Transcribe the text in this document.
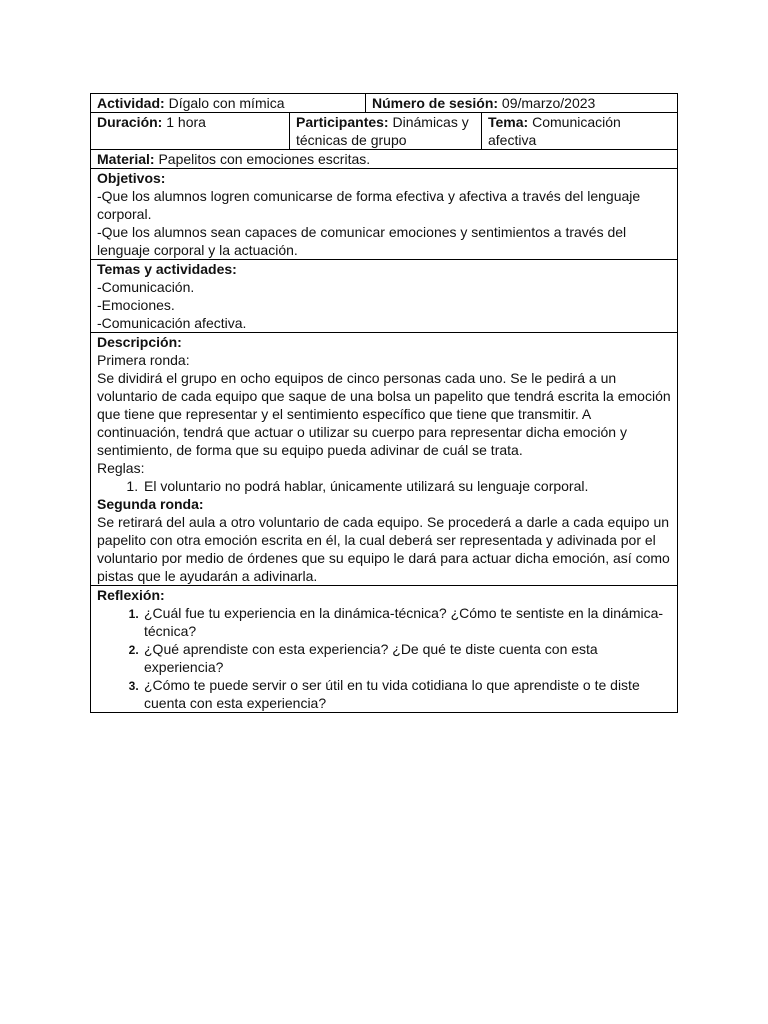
Actividad: Dígalo con mímica	Número de sesión: 09/marzo/2023
Duración: 1 hora	Participantes: Dinámicas y técnicas de grupo
Tema: Comunicación afectiva
Material: Papelitos con emociones escritas.
Objetivos:
-Que los alumnos logren comunicarse de forma efectiva y afectiva a través del lenguaje corporal.
-Que los alumnos sean capaces de comunicar emociones y sentimientos a través del lenguaje corporal y la actuación.
Temas y actividades:
-Comunicación.
-Emociones.
-Comunicación afectiva.
Descripción:
Primera ronda:
Se dividirá el grupo en ocho equipos de cinco personas cada uno. Se le pedirá a un voluntario de cada equipo que saque de una bolsa un papelito que tendrá escrita la emoción que tiene que representar y el sentimiento específico que tiene que transmitir. A continuación, tendrá que actuar o utilizar su cuerpo para representar dicha emoción y sentimiento, de forma que su equipo pueda adivinar de cuál se trata.
Reglas:
1. El voluntario no podrá hablar, únicamente utilizará su lenguaje corporal.
Segunda ronda:
Se retirará del aula a otro voluntario de cada equipo. Se procederá a darle a cada equipo un papelito con otra emoción escrita en él, la cual deberá ser representada y adivinada por el voluntario por medio de órdenes que su equipo le dará para actuar dicha emoción, así como pistas que le ayudarán a adivinarla.
Reflexión:
1. ¿Cuál fue tu experiencia en la dinámica-técnica? ¿Cómo te sentiste en la dinámica-técnica?
2. ¿Qué aprendiste con esta experiencia? ¿De qué te diste cuenta con esta experiencia?
3. ¿Cómo te puede servir o ser útil en tu vida cotidiana lo que aprendiste o te diste cuenta con esta experiencia?
